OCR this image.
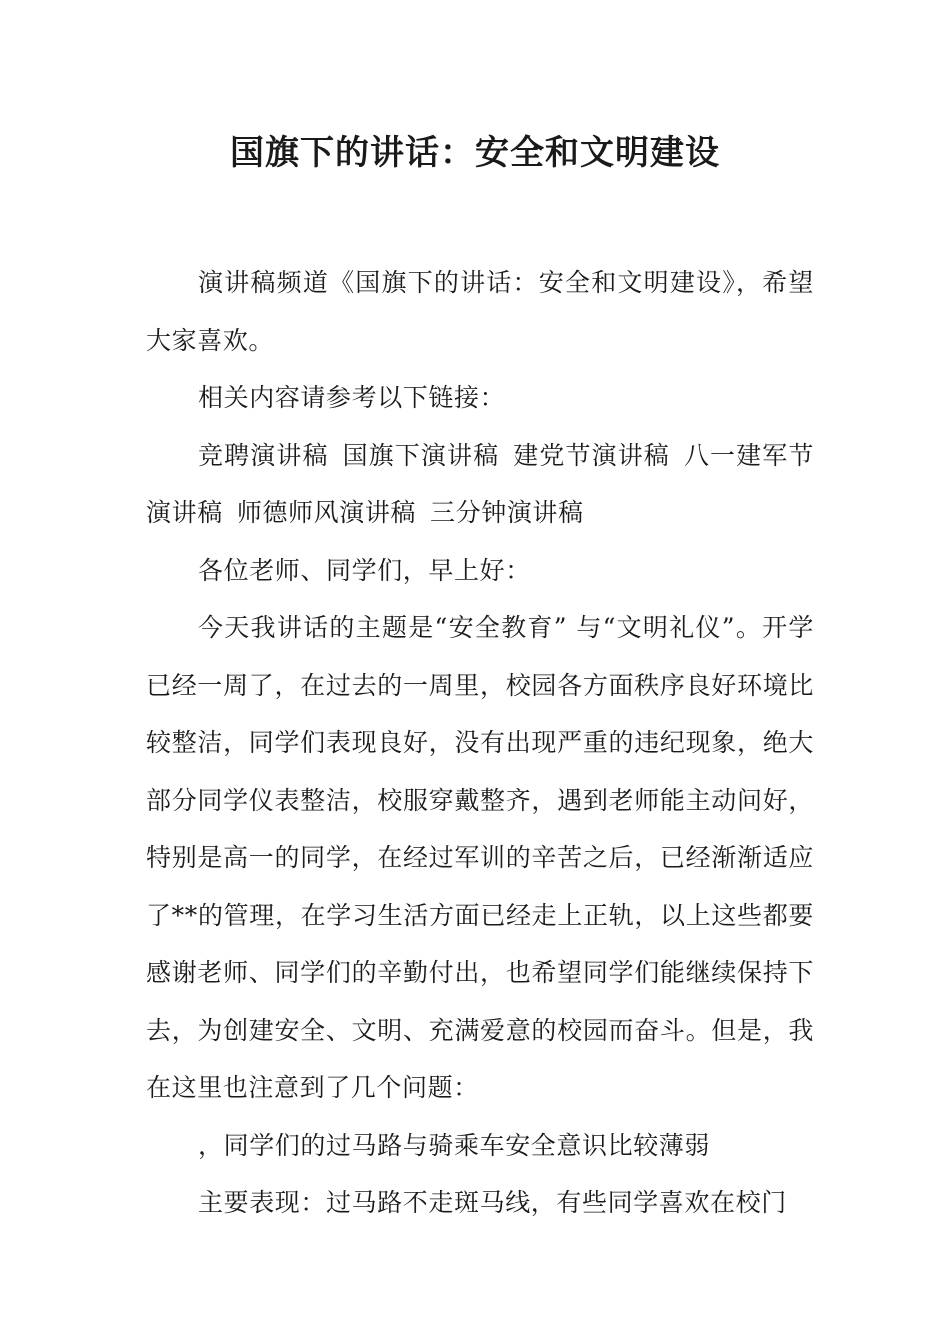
国旗下的讲话：安全和文明建设

演讲稿频道《国旗下的讲话：安全和文明建设》，希望大家喜欢。

相关内容请参考以下链接：

竞聘演讲稿 国旗下演讲稿 建党节演讲稿 八一建军节演讲稿 师德师风演讲稿 三分钟演讲稿

各位老师、同学们，早上好：

今天我讲话的主题是“安全教育” 与“文明礼仪”。开学已经一周了，在过去的一周里，校园各方面秩序良好环境比较整洁，同学们表现良好，没有出现严重的违纪现象，绝大部分同学仪表整洁，校服穿戴整齐，遇到老师能主动问好，特别是高一的同学，在经过军训的辛苦之后，已经渐渐适应了**的管理，在学习生活方面已经走上正轨，以上这些都要感谢老师、同学们的辛勤付出，也希望同学们能继续保持下去，为创建安全、文明、充满爱意的校园而奋斗。但是，我在这里也注意到了几个问题：

，同学们的过马路与骑乘车安全意识比较薄弱

主要表现：过马路不走斑马线，有些同学喜欢在校门
